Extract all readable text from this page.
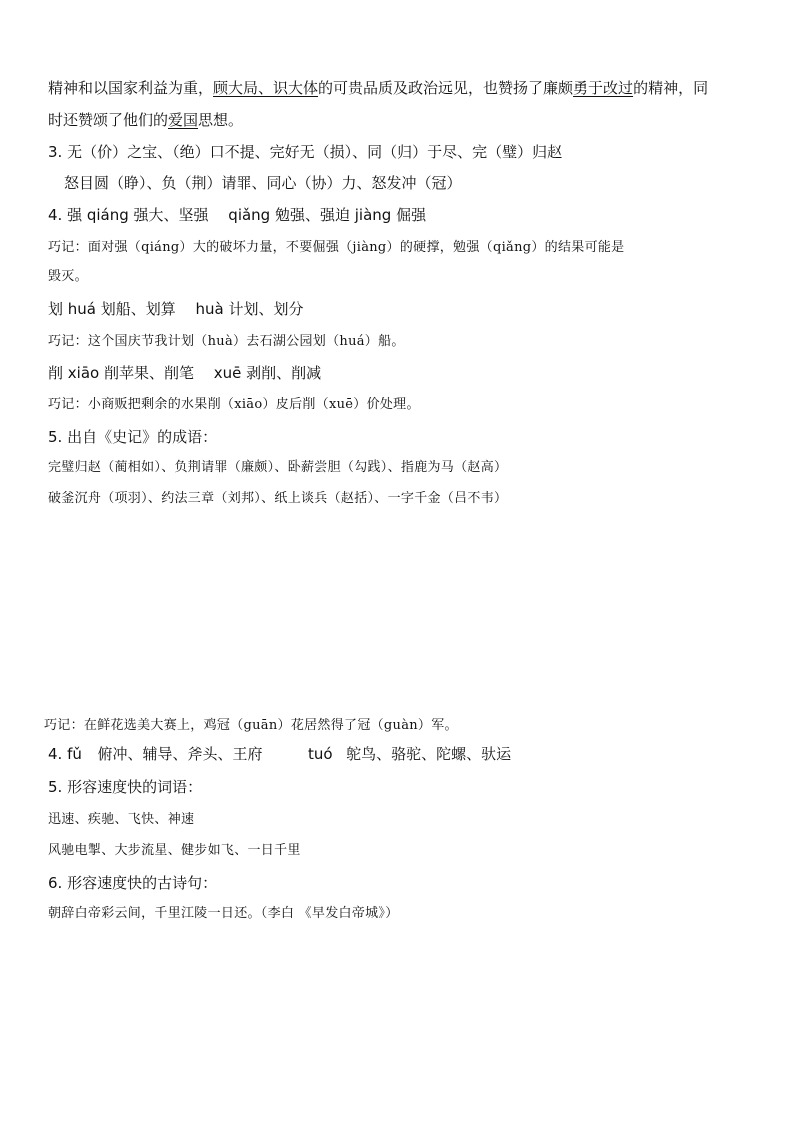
精神和以国家利益为重，顾大局、识大体的可贵品质及政治远见，也赞扬了廉颇勇于改过的精神，同
时还赞颂了他们的爱国思想。
3. 无（价）之宝、（绝）口不提、完好无（损）、同（归）于尽、完（璧）归赵
怒目圆（睁）、负（荆）请罪、同心（协）力、怒发冲（冠）
4. 强 qiáng 强大、坚强　 qiǎng 勉强、强迫 jiàng 倔强
巧记：面对强（qiáng）大的破坏力量，不要倔强（jiàng）的硬撑，勉强（qiǎng）的结果可能是
毁灭。
划 huá 划船、划算　 huà 计划、划分
巧记：这个国庆节我计划（huà）去石湖公园划（huá）船。
削 xiāo 削苹果、削笔　 xuē 剥削、削减
巧记：小商贩把剩余的水果削（xiāo）皮后削（xuē）价处理。
5. 出自《史记》的成语：
完璧归赵（蔺相如）、负荆请罪（廉颇）、卧薪尝胆（勾践）、指鹿为马（赵高）
破釜沉舟（项羽）、约法三章（刘邦）、纸上谈兵（赵括）、一字千金（吕不韦）
巧记：在鲜花选美大赛上，鸡冠（guān）花居然得了冠（guàn）军。
4. fǔ 俯冲、辅导、斧头、王府	tuó 鸵鸟、骆驼、陀螺、驮运
5. 形容速度快的词语：
迅速、疾驰、飞快、神速
风驰电掣、大步流星、健步如飞、一日千里
6. 形容速度快的古诗句：
朝辞白帝彩云间，千里江陵一日还。（李白 《早发白帝城》）
